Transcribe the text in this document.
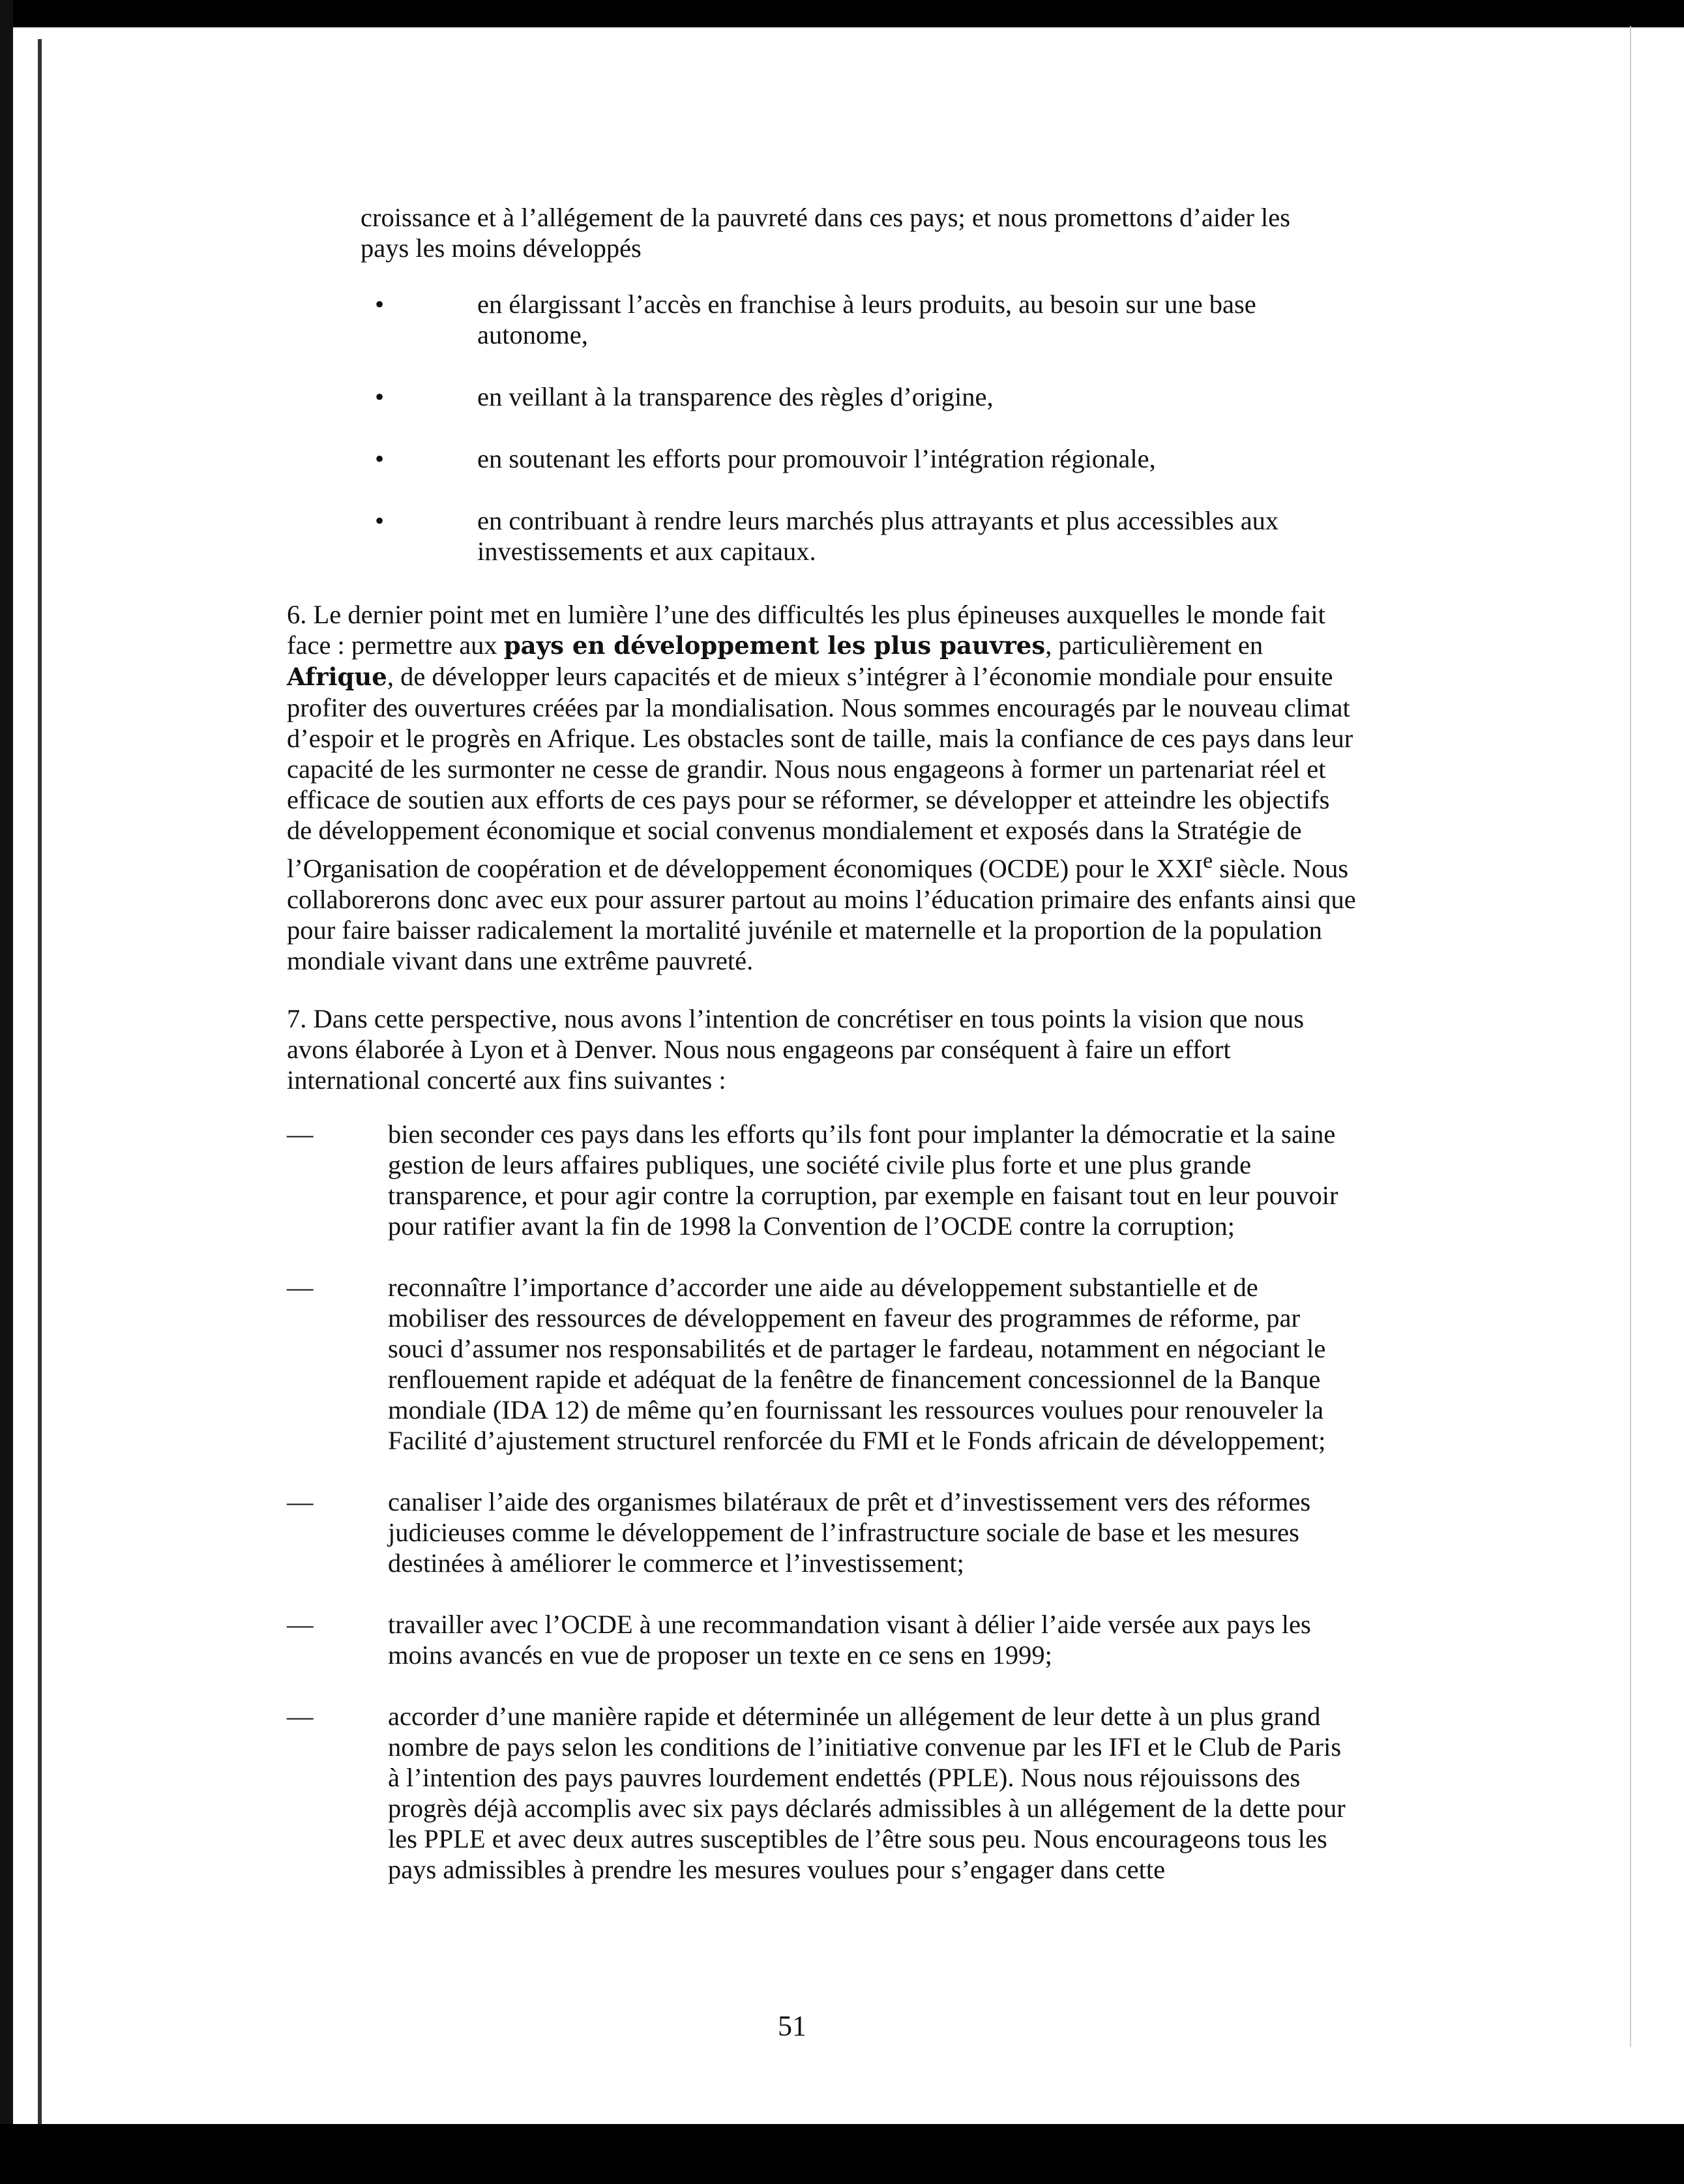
croissance et à l’allégement de la pauvreté dans ces pays; et nous promettons d’aider les

pays les moins développés

•	en élargissant l’accès en franchise à leurs produits, au besoin sur une base autonome,
•	en veillant à la transparence des règles d’origine,
•	en soutenant les efforts pour promouvoir l’intégration régionale,
•	en contribuant à rendre leurs marchés plus attrayants et plus accessibles aux investissements et aux capitaux.

6. Le dernier point met en lumière l’une des difficultés les plus épineuses auxquelles le monde fait face : permettre aux pays en développement les plus pauvres, particulièrement en Afrique, de développer leurs capacités et de mieux s’intégrer à l’économie mondiale pour ensuite profiter des ouvertures créées par la mondialisation. Nous sommes encouragés par le nouveau climat d’espoir et le progrès en Afrique. Les obstacles sont de taille, mais la confiance de ces pays dans leur capacité de les surmonter ne cesse de grandir. Nous nous engageons à former un partenariat réel et efficace de soutien aux efforts de ces pays pour se réformer, se développer et atteindre les objectifs de développement économique et social convenus mondialement et exposés dans la Stratégie de l’Organisation de coopération et de développement économiques (OCDE) pour le XXIe siècle. Nous collaborerons donc avec eux pour assurer partout au moins l’éducation primaire des enfants ainsi que pour faire baisser radicalement la mortalité juvénile et maternelle et la proportion de la population mondiale vivant dans une extrême pauvreté.

7. Dans cette perspective, nous avons l’intention de concrétiser en tous points la vision que nous avons élaborée à Lyon et à Denver. Nous nous engageons par conséquent à faire un effort international concerté aux fins suivantes :

—	bien seconder ces pays dans les efforts qu’ils font pour implanter la démocratie et la saine gestion de leurs affaires publiques, une société civile plus forte et une plus grande transparence, et pour agir contre la corruption, par exemple en faisant tout en leur pouvoir pour ratifier avant la fin de 1998 la Convention de l’OCDE contre la corruption;
—	reconnaître l’importance d’accorder une aide au développement substantielle et de mobiliser des ressources de développement en faveur des programmes de réforme, par souci d’assumer nos responsabilités et de partager le fardeau, notamment en négociant le renflouement rapide et adéquat de la fenêtre de financement concessionnel de la Banque mondiale (IDA 12) de même qu’en fournissant les ressources voulues pour renouveler la Facilité d’ajustement structurel renforcée du FMI et le Fonds africain de développement;
—	canaliser l’aide des organismes bilatéraux de prêt et d’investissement vers des réformes judicieuses comme le développement de l’infrastructure sociale de base et les mesures destinées à améliorer le commerce et l’investissement;
—	travailler avec l’OCDE à une recommandation visant à délier l’aide versée aux pays les moins avancés en vue de proposer un texte en ce sens en 1999;
—	accorder d’une manière rapide et déterminée un allégement de leur dette à un plus grand nombre de pays selon les conditions de l’initiative convenue par les IFI et le Club de Paris à l’intention des pays pauvres lourdement endettés (PPLE). Nous nous réjouissons des progrès déjà accomplis avec six pays déclarés admissibles à un allégement de la dette pour les PPLE et avec deux autres susceptibles de l’être sous peu. Nous encourageons tous les pays admissibles à prendre les mesures voulues pour s’engager dans cette
51
